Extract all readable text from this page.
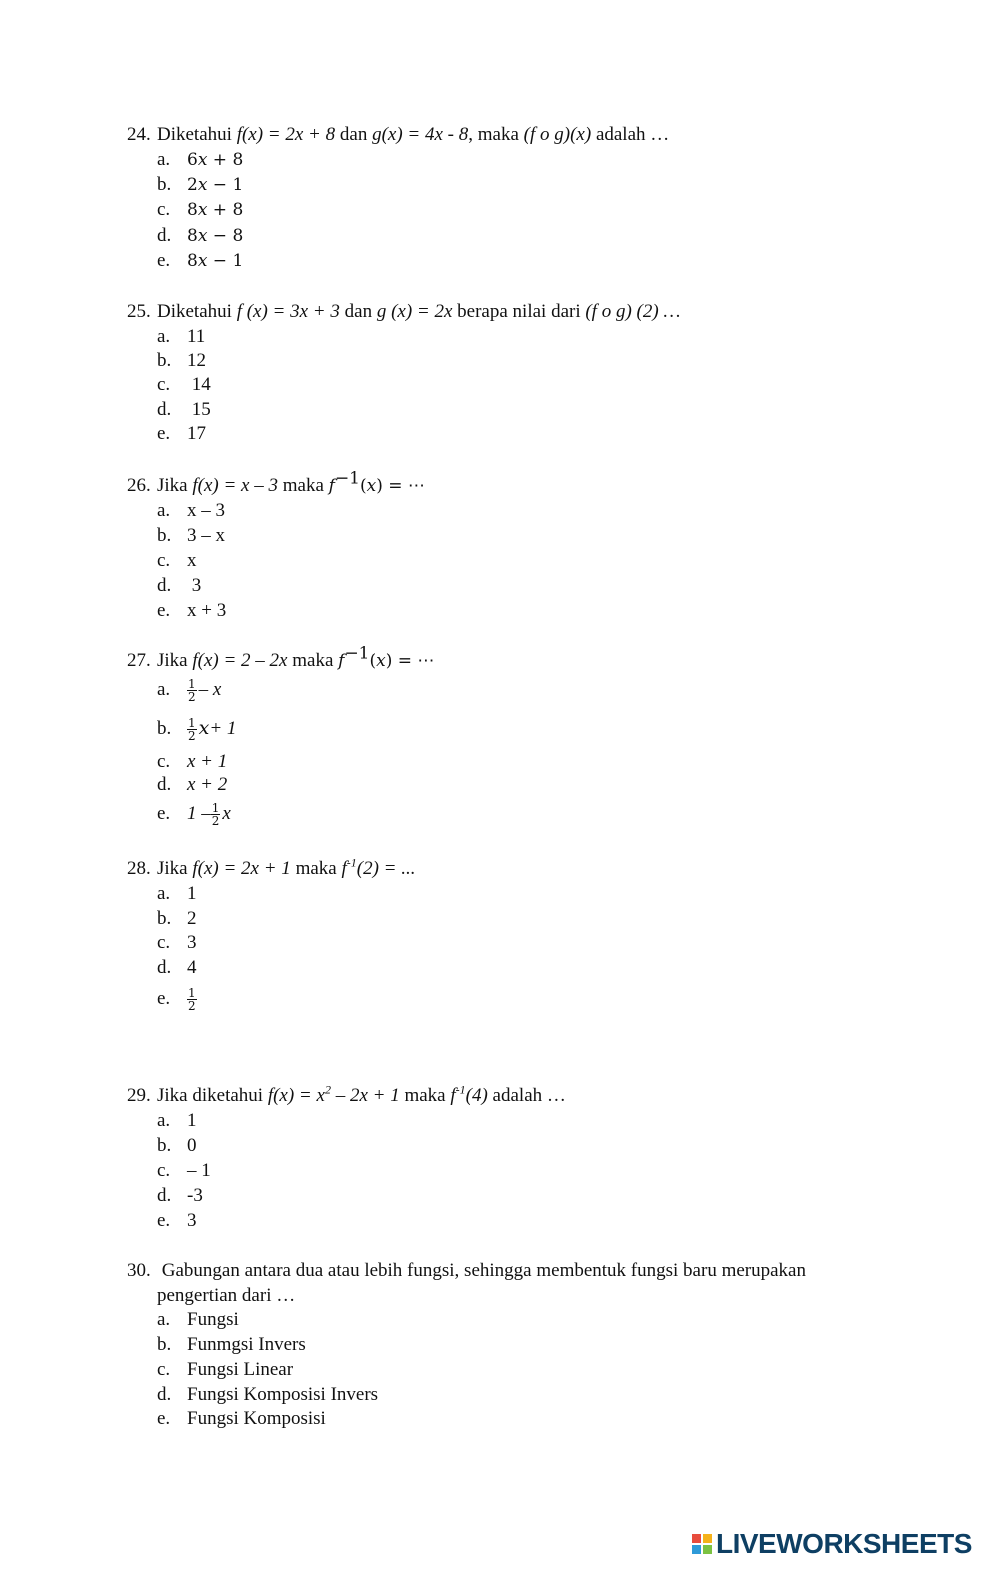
24. Diketahui f(x) = 2x + 8 dan g(x) = 4x - 8, maka (f o g)(x) adalah …
a. 6𝑥 + 8
b. 2𝑥 − 1
c. 8𝑥 + 8
d. 8𝑥 − 8
e. 8𝑥 − 1
25. Diketahui f (x) = 3x + 3 dan g (x) = 2x berapa nilai dari (f o g) (2) …
a. 11
b. 12
c. 14
d. 15
e. 17
26. Jika f(x) = x – 3 maka 𝑓$^{-1}$(𝑥) = ⋯
a. x – 3
b. 3 – x
c. x
d. 3
e. x + 3
27. Jika f(x) = 2 – 2x maka 𝑓$^{-1}$(𝑥) = ⋯
a. $\frac{1}{2}$ – x
b. $\frac{1}{2}$ 𝑥+ 1
c. x + 1
d. x + 2
e. $1 - \frac{1}{2}$ x
28. Jika f(x) = 2x + 1 maka $f^{-1}(2)$ = ...
a. 1
b. 2
c. 3
d. 4
e. $\frac{1}{2}$
29. Jika diketahui $f(x) = x^2 - 2x + 1$ maka $f^{-1}(4)$ adalah …
a. 1
b. 0
c. – 1
d. -3
e. 3
30. Gabungan antara dua atau lebih fungsi, sehingga membentuk fungsi baru merupakan
pengertian dari …
a. Fungsi
b. Funmgsi Invers
c. Fungsi Linear
d. Fungsi Komposisi Invers
e. Fungsi Komposisi
LIVEWORKSHEETS
